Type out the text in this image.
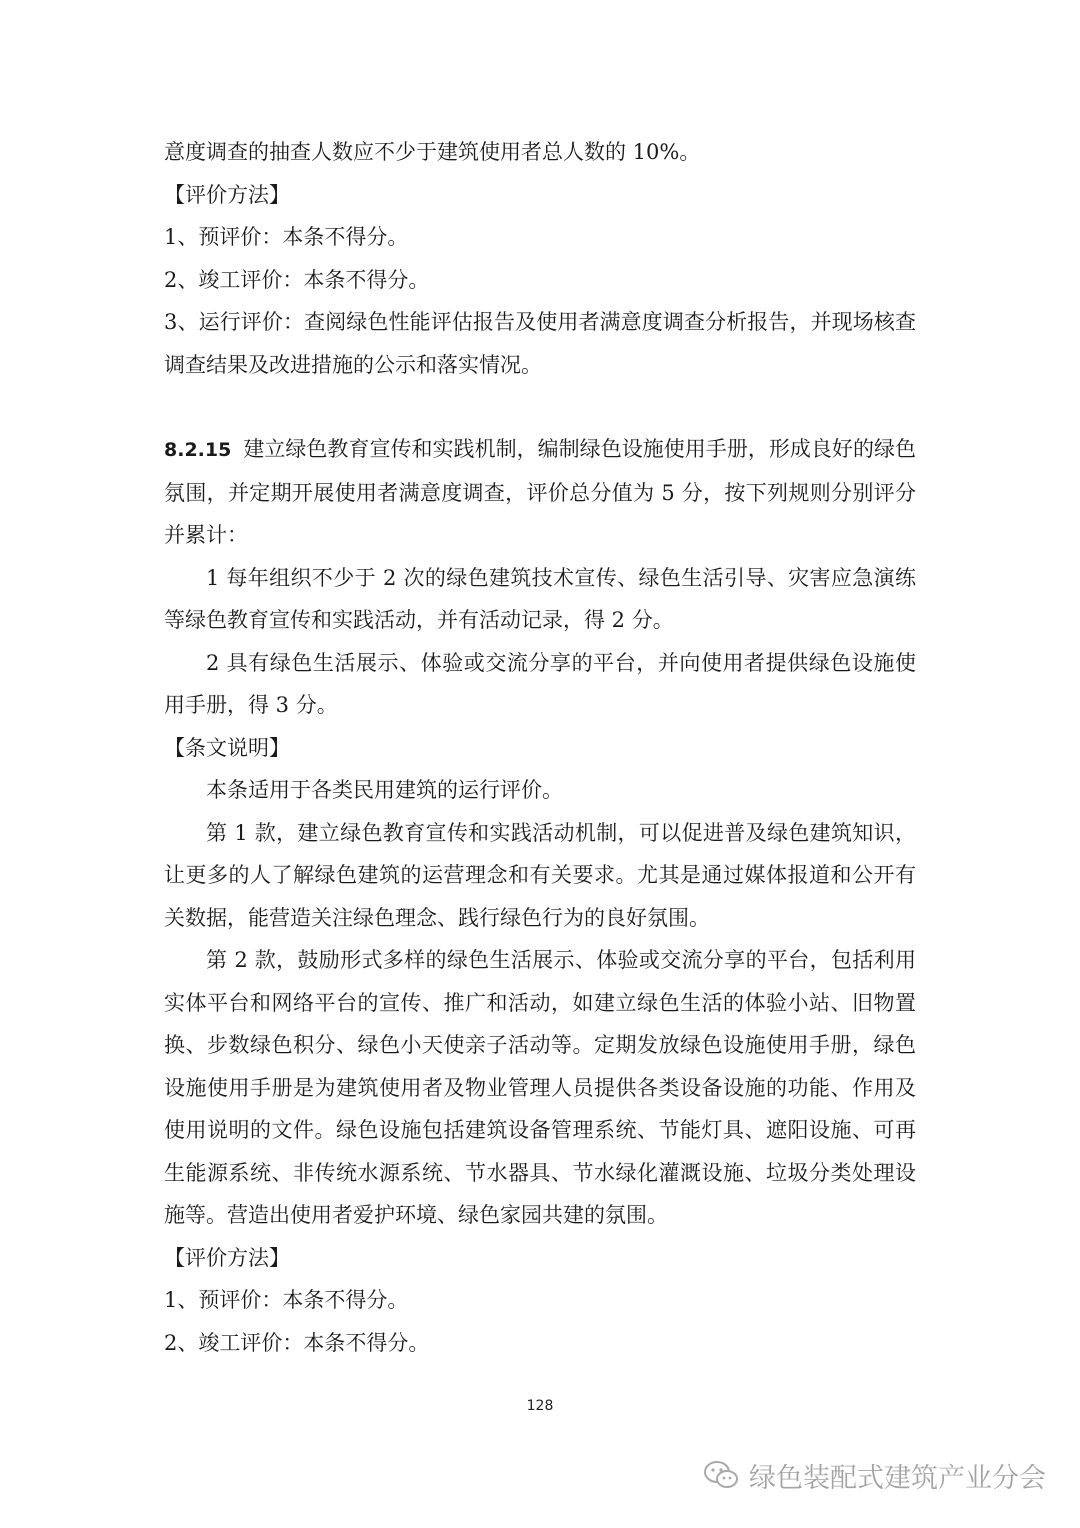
意度调查的抽查人数应不少于建筑使用者总人数的 10%。

【评价方法】

1、预评价：本条不得分。

2、竣工评价：本条不得分。

3、运行评价：查阅绿色性能评估报告及使用者满意度调查分析报告，并现场核查调查结果及改进措施的公示和落实情况。

8.2.15 建立绿色教育宣传和实践机制，编制绿色设施使用手册，形成良好的绿色氛围，并定期开展使用者满意度调查，评价总分值为 5 分，按下列规则分别评分并累计：

1 每年组织不少于 2 次的绿色建筑技术宣传、绿色生活引导、灾害应急演练等绿色教育宣传和实践活动，并有活动记录，得 2 分。

2 具有绿色生活展示、体验或交流分享的平台，并向使用者提供绿色设施使用手册，得 3 分。

【条文说明】

本条适用于各类民用建筑的运行评价。

第 1 款，建立绿色教育宣传和实践活动机制，可以促进普及绿色建筑知识，让更多的人了解绿色建筑的运营理念和有关要求。尤其是通过媒体报道和公开有关数据，能营造关注绿色理念、践行绿色行为的良好氛围。

第 2 款，鼓励形式多样的绿色生活展示、体验或交流分享的平台，包括利用实体平台和网络平台的宣传、推广和活动，如建立绿色生活的体验小站、旧物置换、步数绿色积分、绿色小天使亲子活动等。定期发放绿色设施使用手册，绿色设施使用手册是为建筑使用者及物业管理人员提供各类设备设施的功能、作用及使用说明的文件。绿色设施包括建筑设备管理系统、节能灯具、遮阳设施、可再生能源系统、非传统水源系统、节水器具、节水绿化灌溉设施、垃圾分类处理设施等。营造出使用者爱护环境、绿色家园共建的氛围。

【评价方法】

1、预评价：本条不得分。

2、竣工评价：本条不得分。

128
绿色装配式建筑产业分会
